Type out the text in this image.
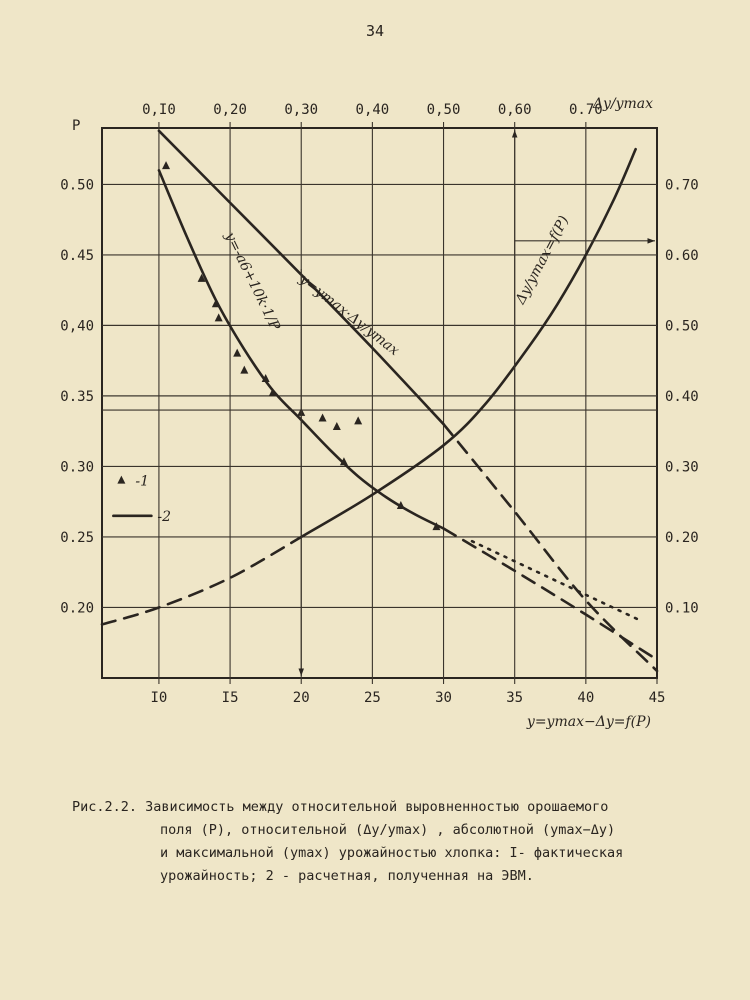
34
I0	I5	20	25	30	35	40	45
0.20
0.25
0.30
0.35
0,40
0.45
0.50
0,I0	0,20	0,30	0,40	0,50	0,60	0.70
0.10
0.20
0.30
0.40
0.50
0.60
0.70
P
y=ymax−Δy=f(P)
Δy/ymax
y=-a6+10k·1/P y=ymax·Δy/ymax
Δy/ymax=f(P)
-1
-2

Рис.2.2. Зависимость между относительной выровненностью орошаемого

поля (Р), относительной (Δy/ymax) , абсолютной (ymax−Δy)

и максимальной (ymax) урожайностью хлопка: I- фактическая

урожайность; 2 - расчетная, полученная на ЭВМ.
